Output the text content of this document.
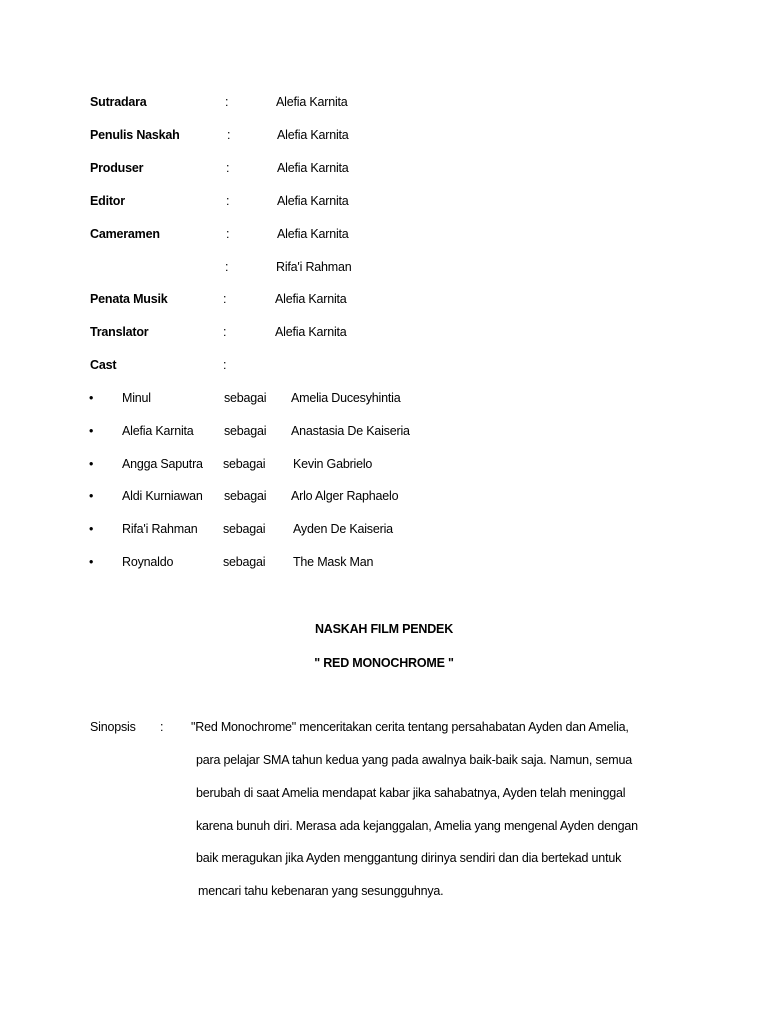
Sutradara	:	Alefia Karnita
Penulis Naskah	:	Alefia Karnita
Produser	:	Alefia Karnita
Editor	:	Alefia Karnita
Cameramen	:	Alefia Karnita
:	Rifa'i Rahman
Penata Musik	:	Alefia Karnita
Translator	:	Alefia Karnita
Cast	:
• Minul	sebagai Amelia Ducesyhintia
• Alefia Karnita sebagai Anastasia De Kaiseria
• Angga Saputra sebagai Kevin Gabrielo
• Aldi Kurniawan sebagai Arlo Alger Raphaelo
• Rifa'i Rahman sebagai Ayden De Kaiseria
• Roynaldo	sebagai The Mask Man
NASKAH FILM PENDEK
" RED MONOCHROME "
Sinopsis : "Red Monochrome" menceritakan cerita tentang persahabatan Ayden dan Amelia,
para pelajar SMA tahun kedua yang pada awalnya baik-baik saja. Namun, semua
berubah di saat Amelia mendapat kabar jika sahabatnya, Ayden telah meninggal
karena bunuh diri. Merasa ada kejanggalan, Amelia yang mengenal Ayden dengan
baik meragukan jika Ayden menggantung dirinya sendiri dan dia bertekad untuk
mencari tahu kebenaran yang sesungguhnya.
